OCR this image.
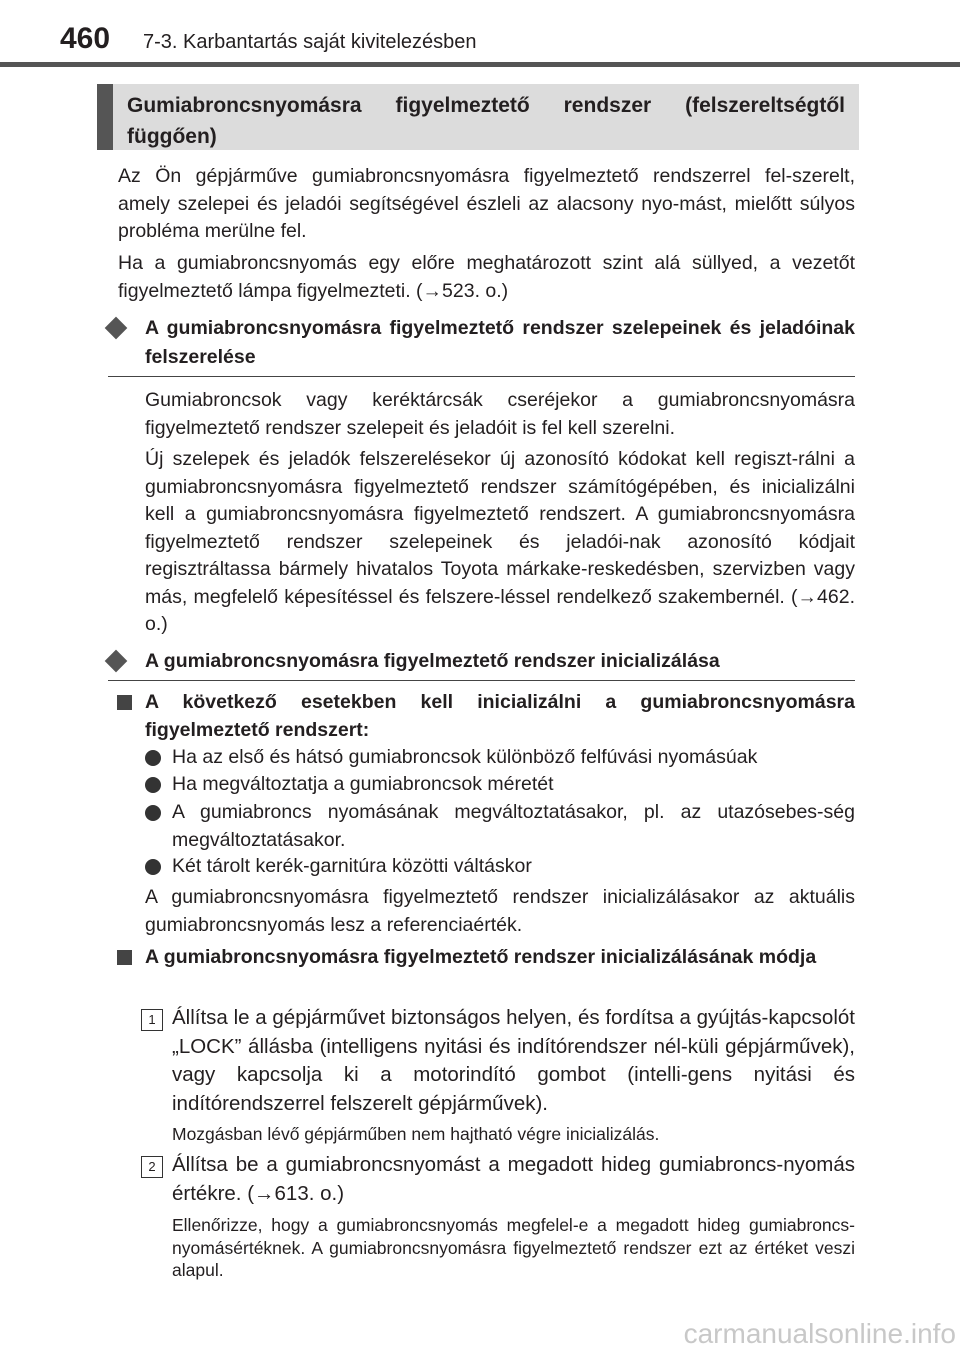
460 7-3. Karbantartás saját kivitelezésben
Gumiabroncsnyomásra figyelmeztető rendszer (felszereltségtől függően)
Az Ön gépjárműve gumiabroncsnyomásra figyelmeztető rendszerrel fel-szerelt, amely szelepei és jeladói segítségével észleli az alacsony nyo-mást, mielőtt súlyos probléma merülne fel.
Ha a gumiabroncsnyomás egy előre meghatározott szint alá süllyed, a vezetőt figyelmeztető lámpa figyelmezteti. (→523. o.)
A gumiabroncsnyomásra figyelmeztető rendszer szelepeinek és jeladóinak felszerelése
Gumiabroncsok vagy keréktárcsák cseréjekor a gumiabroncsnyomásra figyelmeztető rendszer szelepeit és jeladóit is fel kell szerelni.
Új szelepek és jeladók felszerelésekor új azonosító kódokat kell regiszt-rálni a gumiabroncsnyomásra figyelmeztető rendszer számítógépében, és inicializálni kell a gumiabroncsnyomásra figyelmeztető rendszert. A gumiabroncsnyomásra figyelmeztető rendszer szelepeinek és jeladói-nak azonosító kódjait regisztráltassa bármely hivatalos Toyota márkake-reskedésben, szervizben vagy más, megfelelő képesítéssel és felszere-léssel rendelkező szakembernél. (→462. o.)
A gumiabroncsnyomásra figyelmeztető rendszer inicializálása
A következő esetekben kell inicializálni a gumiabroncsnyomásra figyelmeztető rendszert:
Ha az első és hátsó gumiabroncsok különböző felfúvási nyomásúak
Ha megváltoztatja a gumiabroncsok méretét
A gumiabroncs nyomásának megváltoztatásakor, pl. az utazósebes-ség megváltoztatásakor.
Két tárolt kerék-garnitúra közötti váltáskor
A gumiabroncsnyomásra figyelmeztető rendszer inicializálásakor az aktuális gumiabroncsnyomás lesz a referenciaérték.
A gumiabroncsnyomásra figyelmeztető rendszer inicializálásának módja
1 Állítsa le a gépjárművet biztonságos helyen, és fordítsa a gyújtás-kapcsolót „LOCK” állásba (intelligens nyitási és indítórendszer nél-küli gépjárművek), vagy kapcsolja ki a motorindító gombot (intelli-gens nyitási és indítórendszerrel felszerelt gépjárművek).
Mozgásban lévő gépjárműben nem hajtható végre inicializálás.
2 Állítsa be a gumiabroncsnyomást a megadott hideg gumiabroncs-nyomás értékre. (→613. o.)
Ellenőrizze, hogy a gumiabroncsnyomás megfelel-e a megadott hideg gumiabroncs-nyomásértéknek. A gumiabroncsnyomásra figyelmeztető rendszer ezt az értéket veszi alapul.
carmanualsonline.info
